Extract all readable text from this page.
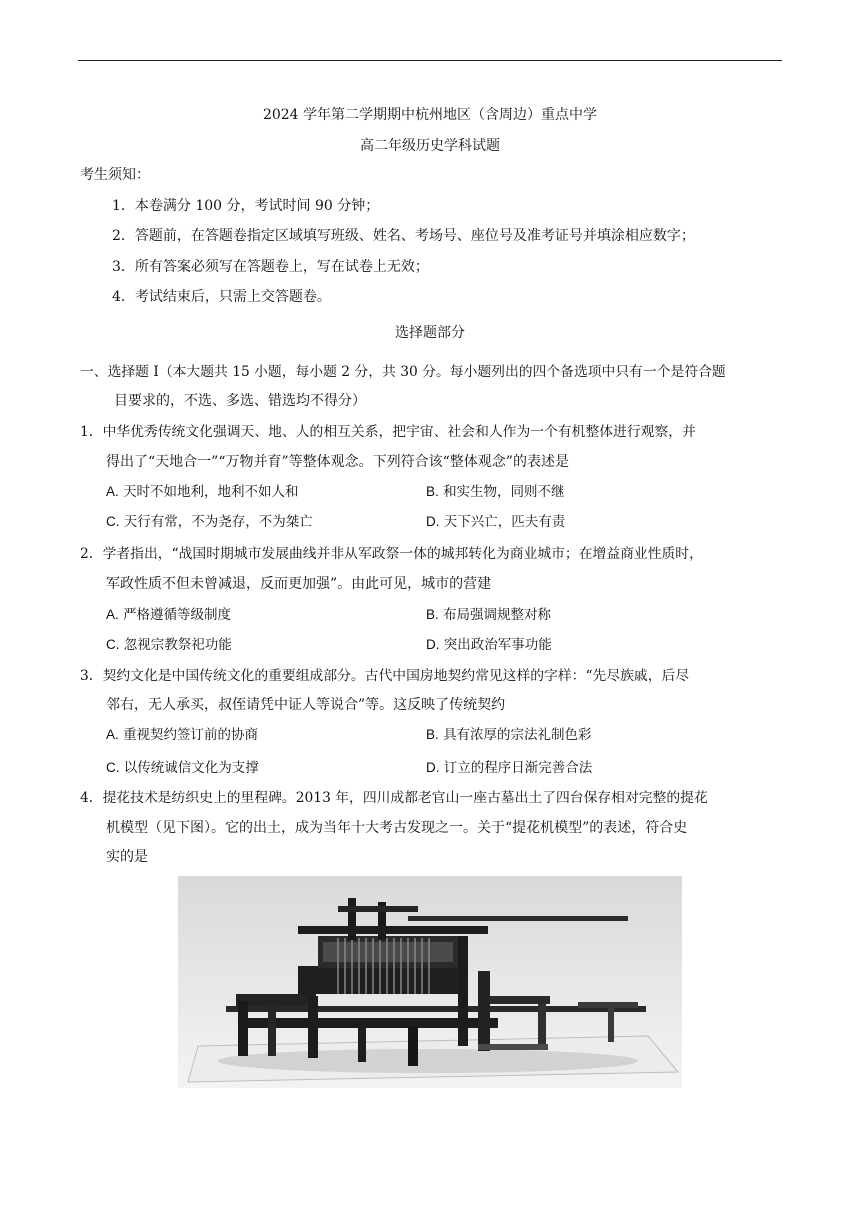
2024 学年第二学期期中杭州地区（含周边）重点中学
高二年级历史学科试题
考生须知：
1．本卷满分 100 分，考试时间 90 分钟；
2．答题前，在答题卷指定区域填写班级、姓名、考场号、座位号及准考证号并填涂相应数字；
3．所有答案必须写在答题卷上，写在试卷上无效；
4．考试结束后，只需上交答题卷。
选择题部分
一、选择题 I（本大题共 15 小题，每小题 2 分，共 30 分。每小题列出的四个备选项中只有一个是符合题
目要求的，不选、多选、错选均不得分）
1．中华优秀传统文化强调天、地、人的相互关系，把宇宙、社会和人作为一个有机整体进行观察，并
得出了“天地合一”“万物并育”等整体观念。下列符合该“整体观念”的表述是
A. 天时不如地利，地利不如人和	B. 和实生物，同则不继
C. 天行有常，不为尧存，不为桀亡	D. 天下兴亡，匹夫有责
2．学者指出，“战国时期城市发展曲线并非从军政祭一体的城邦转化为商业城市；在增益商业性质时，
军政性质不但未曾减退，反而更加强”。由此可见，城市的营建
A. 严格遵循等级制度	B. 布局强调规整对称
C. 忽视宗教祭祀功能	D. 突出政治军事功能
3．契约文化是中国传统文化的重要组成部分。古代中国房地契约常见这样的字样：“先尽族戚，后尽
邻右，无人承买，叔侄请凭中证人等说合”等。这反映了传统契约
A. 重视契约签订前的协商	B. 具有浓厚的宗法礼制色彩
C. 以传统诚信文化为支撑	D. 订立的程序日渐完善合法
4．提花技术是纺织史上的里程碑。2013 年，四川成都老官山一座古墓出土了四台保存相对完整的提花
机模型（见下图）。它的出土，成为当年十大考古发现之一。关于“提花机模型”的表述，符合史
实的是
